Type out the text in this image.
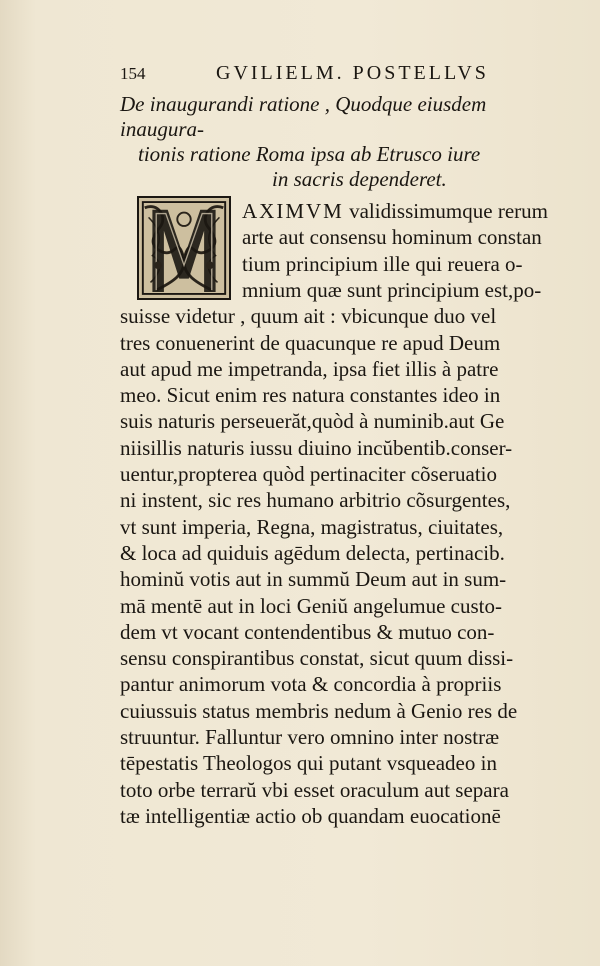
154	GVILIELM. POSTELLVS
De inaugurandi ratione , Quodque eiusdem inaugura-
tionis ratione Roma ipsa ab Etrusco iure
in sacris dependeret.
AXIMVM validissimumque rerum
arte aut consensu hominum constan
tium principium ille qui reuera o-
mnium quæ sunt principium est,po-
suisse videtur , quum ait : vbicunque duo vel
tres conuenerint de quacunque re apud Deum
aut apud me impetranda, ipsa fiet illis à patre
meo. Sicut enim res natura constantes ideo in
suis naturis perseuerăt,quòd à numinib.aut Ge
niisillis naturis iussu diuino incŭbentib.conser-
uentur,propterea quòd pertinaciter cõseruatio
ni instent, sic res humano arbitrio cõsurgentes,
vt sunt imperia, Regna, magistratus, ciuitates,
& loca ad quiduis agēdum delecta, pertinacib.
hominŭ votis aut in summŭ Deum aut in sum-
mā mentē aut in loci Geniŭ angelumue custo-
dem vt vocant contendentibus & mutuo con-
sensu conspirantibus constat, sicut quum dissi-
pantur animorum vota & concordia à propriis
cuiussuis status membris nedum à Genio res de
struuntur. Falluntur vero omnino inter nostræ
tēpestatis Theologos qui putant vsqueadeo in
toto orbe terrarŭ vbi esset oraculum aut separa
tæ intelligentiæ actio ob quandam euocationē
